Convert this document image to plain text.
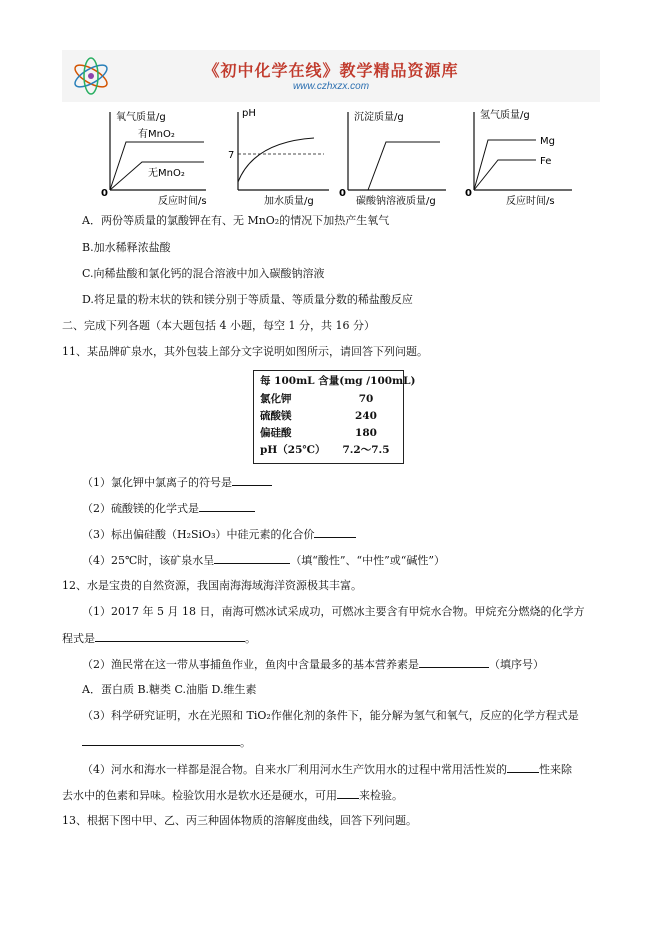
《初中化学在线》教学精品资源库
www.czhxzx.com
氧气质量/g
有MnO₂
无MnO₂
0
反应时间/s
pH
7
加水质量/g
沉淀质量/g
0
碳酸钠溶液质量/g
氢气质量/g
Mg
Fe
0
反应时间/s
A．两份等质量的氯酸钾在有、无 MnO₂的情况下加热产生氧气
B.加水稀释浓盐酸
C.向稀盐酸和氯化钙的混合溶液中加入碳酸钠溶液
D.将足量的粉末状的铁和镁分别于等质量、等质量分数的稀盐酸反应
二、完成下列各题（本大题包括 4 小题，每空 1 分，共 16 分）
11、某品牌矿泉水，其外包装上部分文字说明如图所示，请回答下列问题。
每 100mL 含量(mg /100mL)
氯化钾	70
硫酸镁	240
偏硅酸	180
pH（25℃） 7.2～7.5
（1）氯化钾中氯离子的符号是
（2）硫酸镁的化学式是
（3）标出偏硅酸（H₂SiO₃）中硅元素的化合价
（4）25℃时，该矿泉水呈	（填“酸性”、“中性”或“碱性”）
12、水是宝贵的自然资源，我国南海海域海洋资源极其丰富。
（1）2017 年 5 月 18 日，南海可燃冰试采成功，可燃冰主要含有甲烷水合物。甲烷充分燃烧的化学方
程式是	。
（2）渔民常在这一带从事捕鱼作业，鱼肉中含量最多的基本营养素是	（填序号）
A．蛋白质 B.糖类 C.油脂 D.维生素
（3）科学研究证明，水在光照和 TiO₂作催化剂的条件下，能分解为氢气和氧气，反应的化学方程式是
。
（4）河水和海水一样都是混合物。自来水厂利用河水生产饮用水的过程中常用活性炭的	性来除
去水中的色素和异味。检验饮用水是软水还是硬水，可用 来检验。
13、根据下图中甲、乙、丙三种固体物质的溶解度曲线，回答下列问题。
